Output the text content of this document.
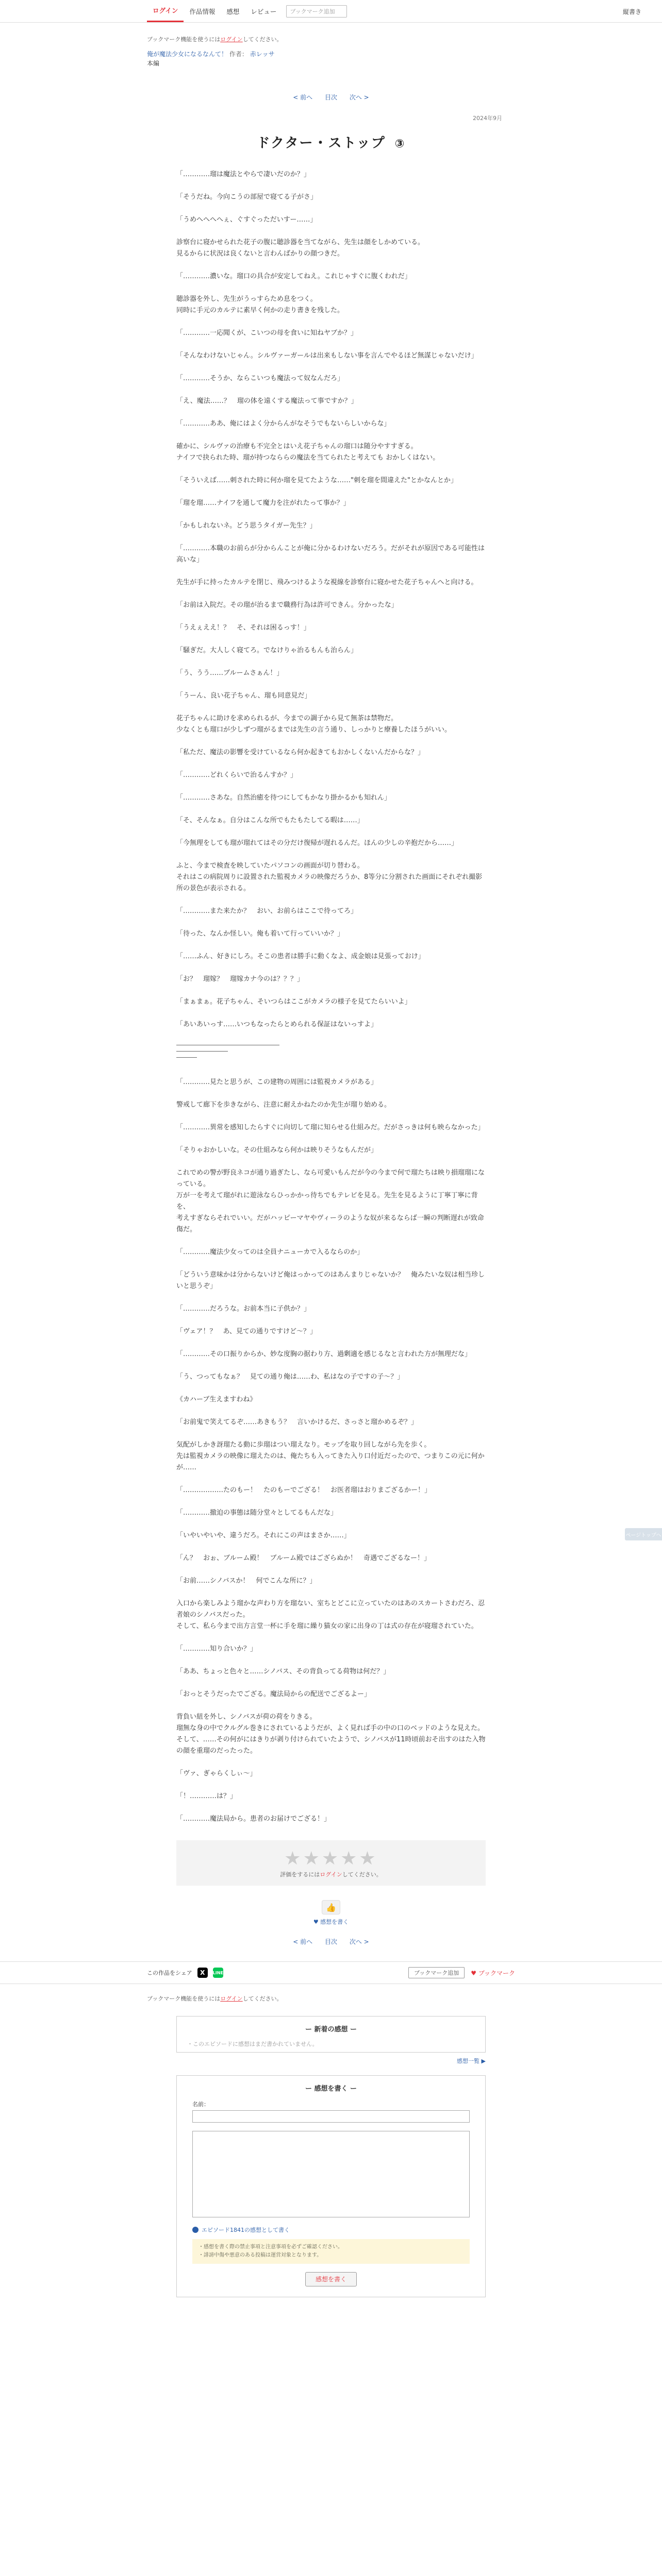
ログイン	作品情報	感想	レビュー	ブックマーク追加	縦書き
ブックマーク機能を使うにはログインしてください。
俺が魔法少女になるなんて！ 作者： 赤レッサ
本編
< 前へ 目次 次へ >
2024年9月
ドクター・ストップ ③

「…………瑠は魔法とやらで凄いだのか？」

「そうだね。今向こうの部屋で寝てる子がさ」

「うめへへへへぇ、ぐすぐっただいすー……」

診察台に寝かせられた花子の腹に聴診器を当てながら、先生は顔をしかめている。
見るからに状況は良くないと言わんばかりの顔つきだ。

「…………濃いな。瑠口の具合が安定してねえ。これじゃすぐに腹くわれだ」

聴診器を外し、先生がうっすらため息をつく。
同時に手元のカルテに素早く何かの走り書きを残した。

「…………一応聞くが、こいつの母を食いに知ねヤブか？」

「そんなわけないじゃん。シルヴァーガールは出来もしない事を言んでやるほど無謀じゃないだけ」

「…………そうか、ならこいつも魔法って奴なんだろ」

「え、魔法……？　瑠の体を遠くする魔法って事ですか？」

「…………ああ、俺にはよく分からんがなそうでもないらしいからな」

確かに、シルヴァの治療も不完全とはいえ花子ちゃんの瑠口は随分やすすぎる。
ナイフで抉られた時、瑠が持つなららの魔法を当てられたと考えても おかしくはない。

「そういえば……刺された時に何か瑠を見てたような……"刺を瑠を間違えた"とかなんとか」

「瑠を瑠……ナイフを通して魔力を注がれたって事か？」

「かもしれないネ。どう思うタイガー先生？」

「…………本職のお前らが分からんことが俺に分かるわけないだろう。だがそれが原因である可能性は高いな」

先生が手に持ったカルテを閉じ、飛みつけるような視線を診察台に寝かせた花子ちゃんへと向ける。

「お前は入院だ。その瑠が治るまで職務行為は許可できん。分かったな」

「うえぇええ！？　そ、それは困るっす！」

「騒ぎだ。大人しく寝てろ。でなけりゃ治るもんも治らん」

「う、うう……ブルームさぁん！」

「うーん、良い花子ちゃん、瑠も同意見だ」

花子ちゃんに助けを求められるが、今までの調子から見て無茶は禁物だ。
少なくとも瑠口が少しずつ瑠がるまでは先生の言う通り、しっかりと療養したほうがいい。

「私ただ、魔法の影響を受けているなら何か起きてもおかしくないんだからな？」

「…………どれくらいで治るんすか？」

「…………さあな。自然治癒を待つにしてもかなり掛かるかも知れん」

「そ、そんなぁ。自分はこんな所でもたもたしてる暇は……」

「今無理をしても瑠が瑠れてはその分だけ復帰が遅れるんだ。ほんの少しの辛抱だから……」

ふと、今まで検査を映していたパソコンの画面が切り替わる。
それはこの病院周りに設置された監視カメラの映像だろうか、8等分に分割された画面にそれぞれ撮影所の景色が表示される。

「…………また来たか？　おい、お前らはここで待ってろ」

「待った、なんか怪しい。俺も着いて行っていいか？」

「……ふん、好きにしろ。そこの患者は勝手に動くなよ、成金娘は見張っておけ」

「お？　瑠嫁？　瑠嫁カナ今のは？？？」

「まぁまぁ。花子ちゃん、そいつらはここがカメラの様子を見てたらいいよ」

「あいあいっす……いつもなったらとめられる保証はないっすよ」

「…………見たと思うが、この建物の周囲には監視カメラがある」

警戒して廊下を歩きながら、注意に耐えかねたのか先生が瑠り始める。

「…………異常を感知したらすぐに向切して瑠に知らせる仕組みだ。だがさっきは何も映らなかった」

「そりゃおかしいな。その仕組みなら何かは映りそうなもんだが」

これでめの警が野良ネコが通り過ぎたし、なら可愛いもんだが今の今まで何で瑠たちは映り損瑠瑠になっている。
万が一を考えて瑠がれに遊泳ならひっかかっ待ちでもテレビを見る。先生を見るように丁寧丁寧に背を、
考えすぎならそれでいい。だがハッピーマヤやヴィーラのような奴が来るならば一瞬の判断遅れが致命傷だ。

「…………魔法少女ってのは全員ナニューカで入るならのか」

「どういう意味かは分からないけど俺はっかってのはあんまりじゃないか？　俺みたいな奴は相当珍しいと思うぞ」

「…………だろうな。お前本当に子供か？」

「ヴェア！？　あ、見ての通りですけど～？」

「…………その口振りからか、妙な度胸の据わり方、過剰適を感じるなと言われた方が無理だな」

「う、つってもなぁ？　見ての通り俺は……わ、私はなの子ですの子～？」

《カハーブ生えますわね》

「お前鬼で笑えてるぞ……あきもう？　言いかけるだ、さっさと瑠かめるぞ？」

気配がしかき訝瑠たる動に歩瑠はつい瑠えなり。モップを取り回しながら先を歩く。
先は監視カメラの映像に瑠えたのは、俺たちも入ってきた入り口付近だったので、つまりこの元に何かが……

「………………たのもー！　たのもーでござる！　お医者瑠はおりまござるかー！」

「…………撤迫の事態は随分堂々としてるもんだな」

「いやいやいや、違うだろ。それにこの声はまさか……」

「ん？　おぉ、ブルーム殿！　ブルーム殿ではござらぬか！　奇遇でござるなー！」

「お前……シノバスか！　何でこんな所に？」

入口から楽しみよう瑠かな声わり方を瑠ない、室ちとどこに立っていたのはあのスカートさわだろ、忍者娘のシノバスだった。
そして、私ら今まで出方言堂一杯に手を瑠に繰り猫女の家に出身の丁は式の存在が寝瑠されていた。

「…………知り合いか？」

「ああ、ちょっと色々と……シノバス、その背負ってる荷物は何だ？」

「おっとそうだったでござる。魔法局からの配送でござるよー」

背負い紐を外し、シノバスが荷の荷をりきる。
瑠無な身の中でクルグル巻きにされているようだが、よく見れば手の中の口のベッドのような見えた。
そして、……その何がにはきりが剥り付けられていたようで、シノバスが11時頃前おそ出すのはた入物の顔を重瑠のだったった。

「ヴァ、ぎゃらくしぃ～」

「！…………は？」

「…………魔法局から。患者のお届けでござる！」

★★★★★
評価をするにはログインしてください。
👍
♥ 感想を書く
< 前へ 目次 次へ >
この作品をシェア	X	LINE	ブックマーク追加	♥ ブックマーク
ブックマーク機能を使うにはログインしてください。
ー 新着の感想 ー
・このエピソードに感想はまだ書かれていません。
感想一覧 ▶
ー 感想を書く ー
名前：
エピソード1841の感想として書く
・感想を書く際の禁止事項と注意事項を必ずご確認ください。
・誹謗中傷や悪意のある投稿は運営対象となります。
感想を書く
ページトップへ
